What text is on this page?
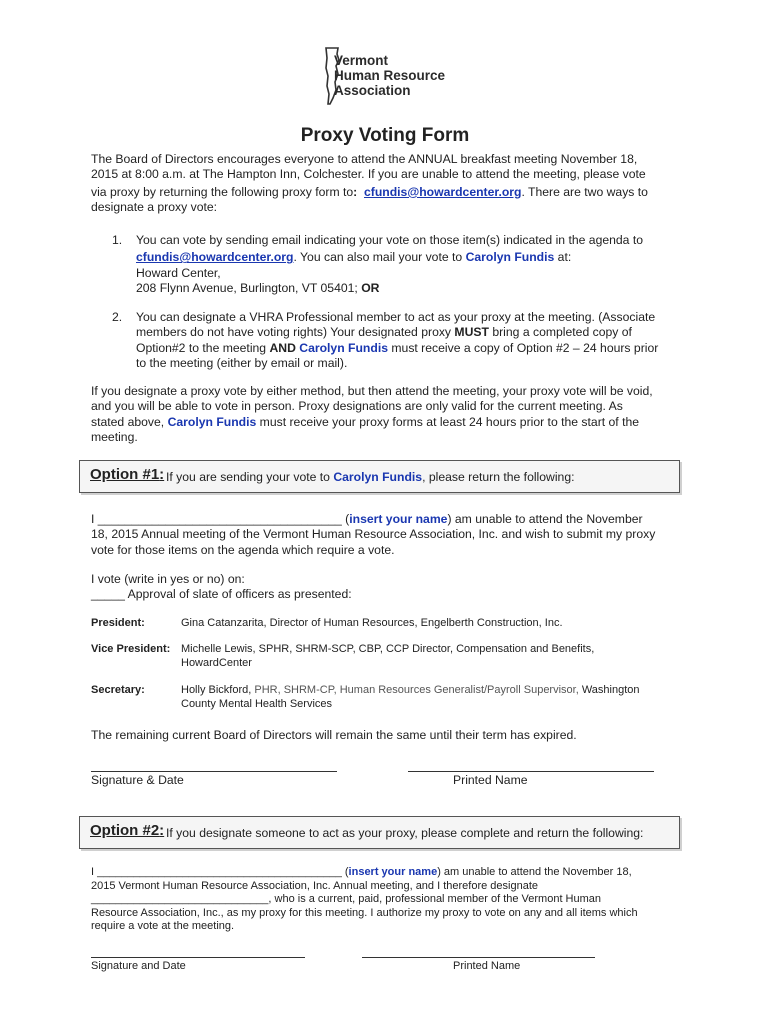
Vermont
Human Resource
Association
Proxy Voting Form
The Board of Directors encourages everyone to attend the ANNUAL breakfast meeting November 18,
2015 at 8:00 a.m. at The Hampton Inn, Colchester. If you are unable to attend the meeting, please vote
via proxy by returning the following proxy form to: cfundis@howardcenter.org. There are two ways to
designate a proxy vote:
1. You can vote by sending email indicating your vote on those item(s) indicated in the agenda to
cfundis@howardcenter.org. You can also mail your vote to Carolyn Fundis at:
Howard Center,
208 Flynn Avenue, Burlington, VT 05401; OR
2. You can designate a VHRA Professional member to act as your proxy at the meeting. (Associate
members do not have voting rights) Your designated proxy MUST bring a completed copy of
Option#2 to the meeting AND Carolyn Fundis must receive a copy of Option #2 – 24 hours prior
to the meeting (either by email or mail).
If you designate a proxy vote by either method, but then attend the meeting, your proxy vote will be void,
and you will be able to vote in person. Proxy designations are only valid for the current meeting. As
stated above, Carolyn Fundis must receive your proxy forms at least 24 hours prior to the start of the
meeting.
Option #1: If you are sending your vote to Carolyn Fundis, please return the following:
I ____________________________________ (insert your name) am unable to attend the November
18, 2015 Annual meeting of the Vermont Human Resource Association, Inc. and wish to submit my proxy
vote for those items on the agenda which require a vote.
I vote (write in yes or no) on:
_____ Approval of slate of officers as presented:
President:	Gina Catanzarita, Director of Human Resources, Engelberth Construction, Inc.
Vice President: Michelle Lewis, SPHR, SHRM-SCP, CBP, CCP Director, Compensation and Benefits,
HowardCenter
Secretary:	Holly Bickford, PHR, SHRM-CP, Human Resources Generalist/Payroll Supervisor, Washington
County Mental Health Services
The remaining current Board of Directors will remain the same until their term has expired.
Signature & Date	Printed Name
Option #2: If you designate someone to act as your proxy, please complete and return the following:
I ________________________________________ (insert your name) am unable to attend the November 18,
2015 Vermont Human Resource Association, Inc. Annual meeting, and I therefore designate
_____________________________, who is a current, paid, professional member of the Vermont Human
Resource Association, Inc., as my proxy for this meeting. I authorize my proxy to vote on any and all items which
require a vote at the meeting.
Signature and Date	Printed Name
